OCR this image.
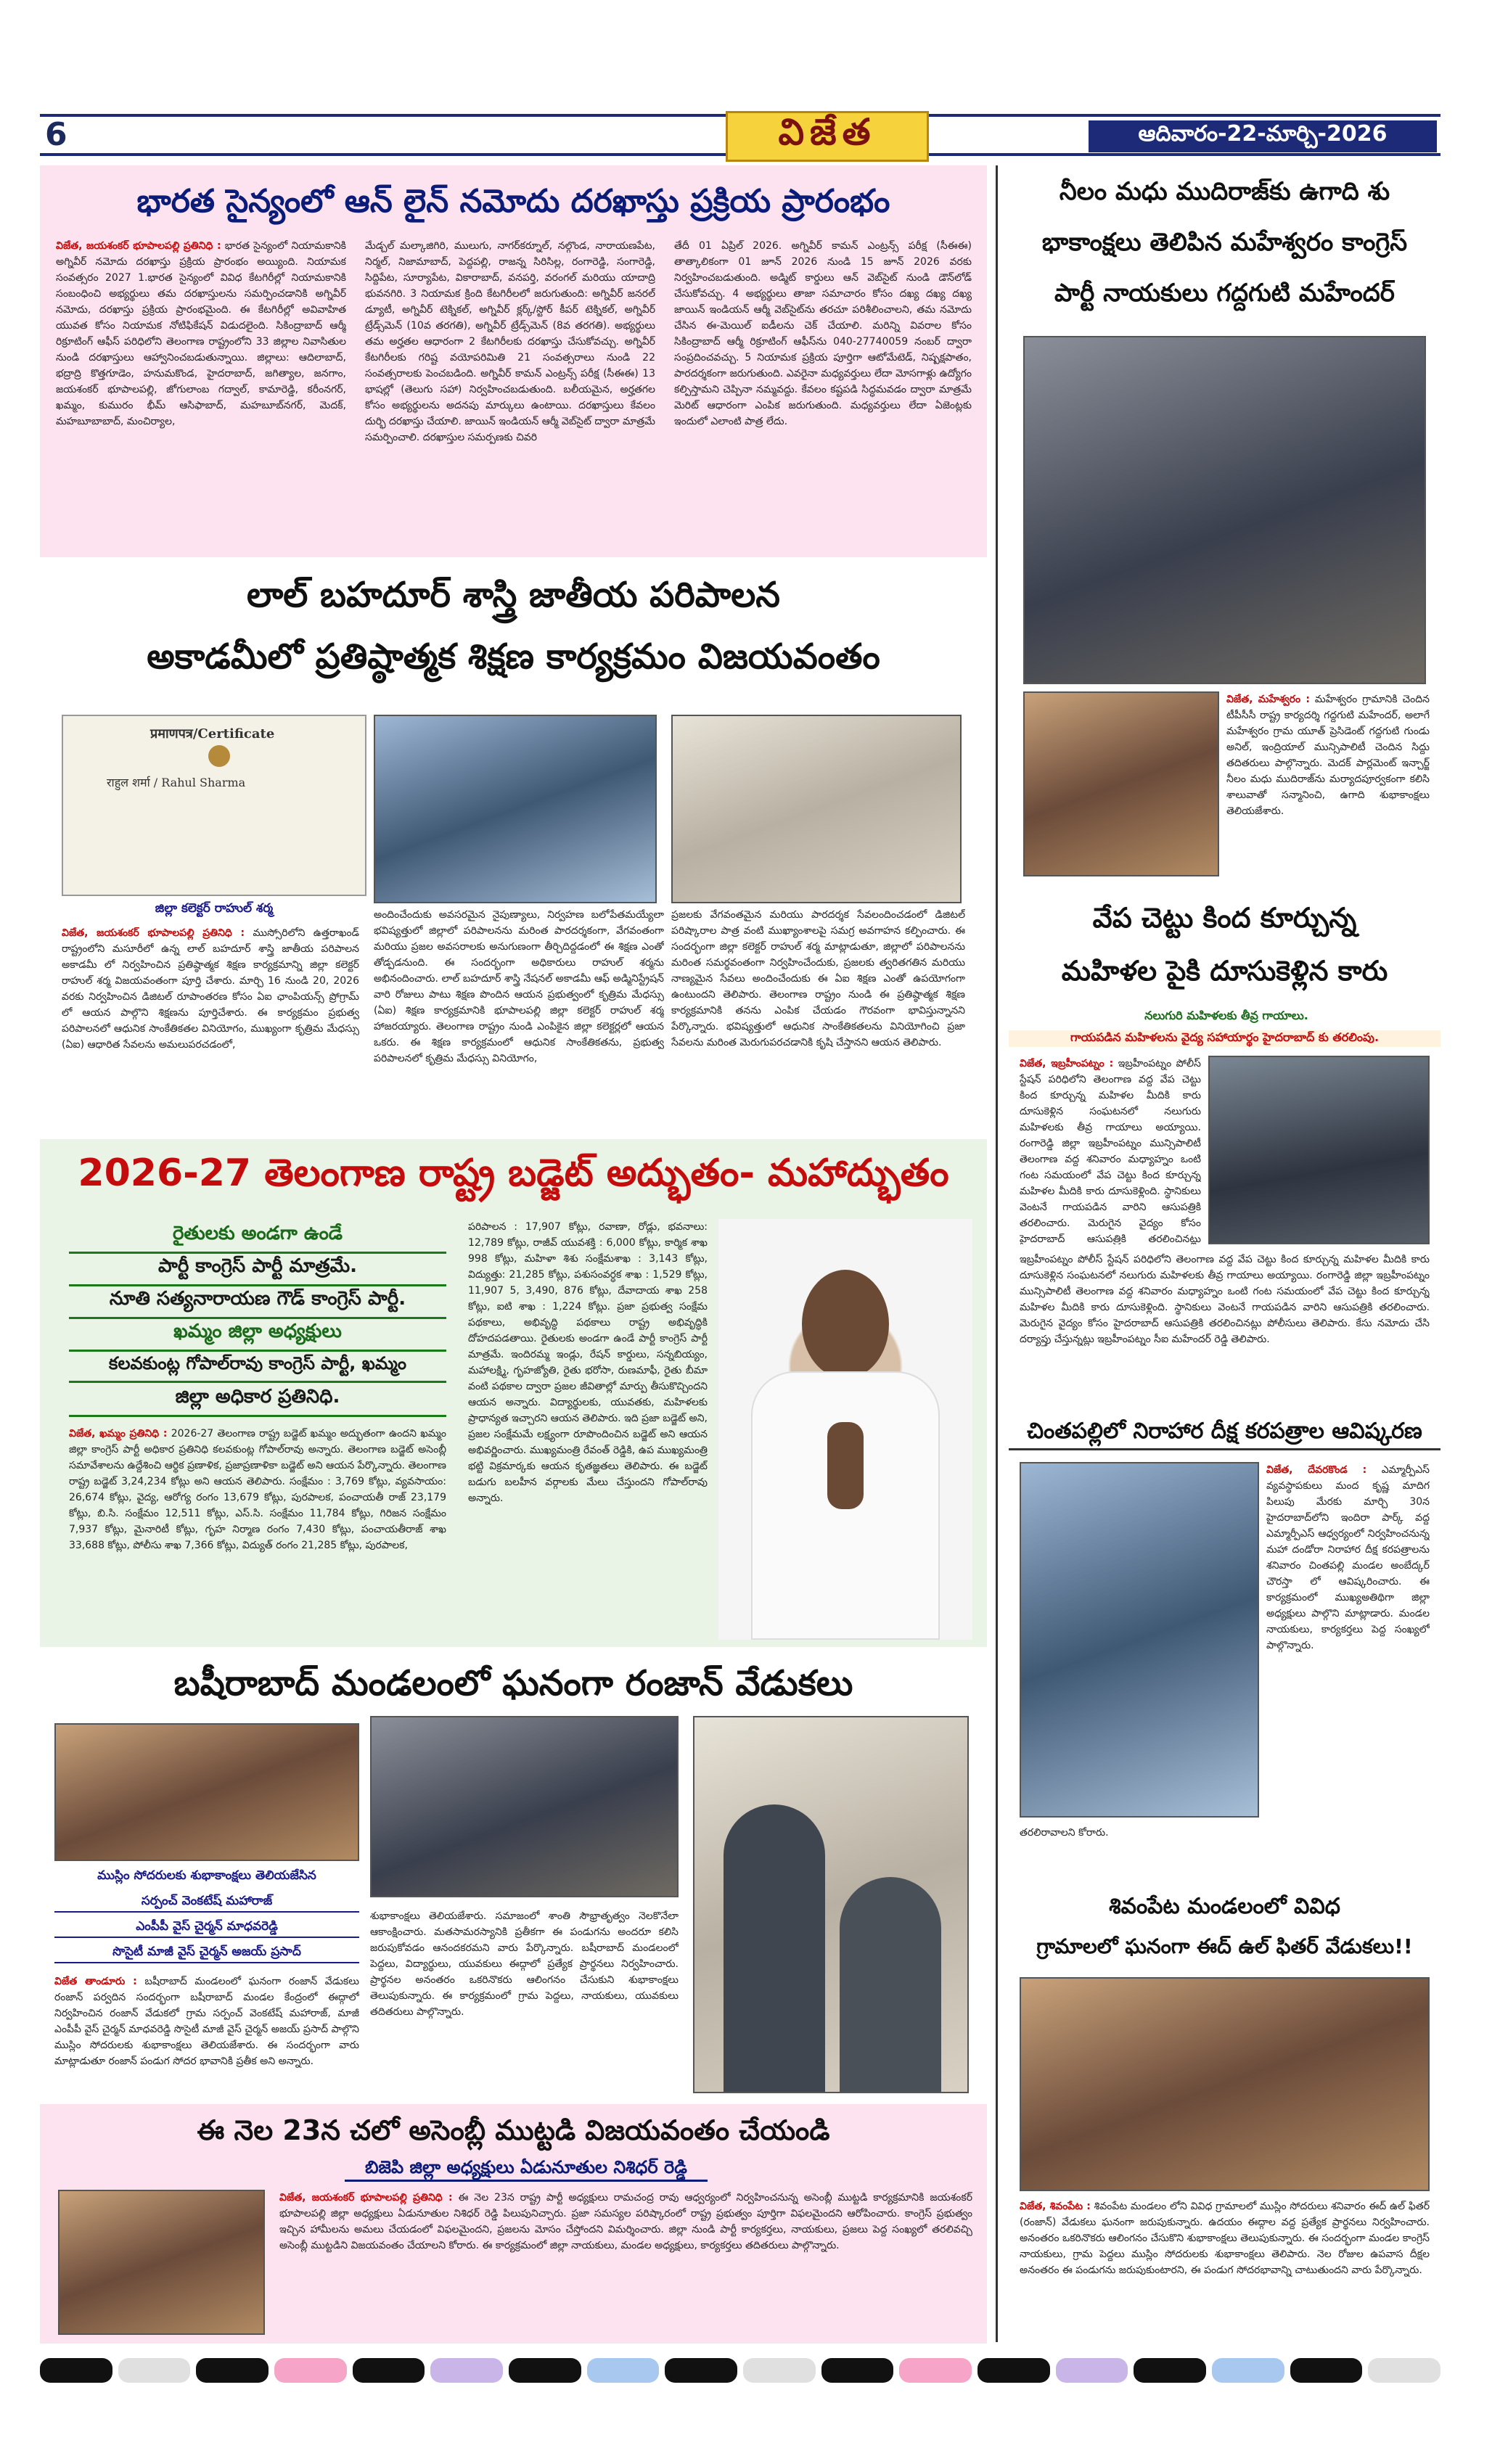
6	విజేత	ఆదివారం-22-మార్చి-2026
భారత సైన్యంలో ఆన్ లైన్ నమోదు దరఖాస్తు ప్రక్రియ ప్రారంభం
విజేత, జయశంకర్ భూపాలపల్లి ప్రతినిధి : భారత సైన్యంలో నియామకానికి అగ్నివీర్ నమోదు దరఖాస్తు ప్రక్రియ ప్రారంభం అయ్యింది. నియామక సంవత్సరం 2027 1.భారత సైన్యంలో వివిధ కేటగిరీల్లో నియామకానికి సంబంధించి అభ్యర్థులు తమ దరఖాస్తులను సమర్పించడానికి అగ్నివీర్ నమోదు, దరఖాస్తు ప్రక్రియ ప్రారంభమైంది. ఈ కేటగిరీల్లో అవివాహిత యువత కోసం నియామక నోటిఫికేషన్ విడుదలైంది. సికింద్రాబాద్ ఆర్మీ రిక్రూటింగ్ ఆఫీస్ పరిధిలోని తెలంగాణ రాష్ట్రంలోని 33 జిల్లాల నివాసితుల నుండి దరఖాస్తులు ఆహ్వానించబడుతున్నాయి. జిల్లాలు: ఆదిలాబాద్, భద్రాద్రి కొత్తగూడెం, హనుమకొండ, హైదరాబాద్, జగిత్యాల, జనగాం, జయశంకర్ భూపాలపల్లి, జోగులాంబ గద్వాల్, కామారెడ్డి, కరీంనగర్, ఖమ్మం, కుమురం భీమ్ ఆసిఫాబాద్, మహబూబ్‌నగర్, మెదక్, మహబూబాబాద్, మంచిర్యాల,
మేడ్చల్ మల్కాజిగిరి, ములుగు, నాగర్‌కర్నూల్, నల్గొండ, నారాయణపేట, నిర్మల్, నిజామాబాద్, పెద్దపల్లి, రాజన్న సిరిసిల్ల, రంగారెడ్డి, సంగారెడ్డి, సిద్దిపేట, సూర్యాపేట, వికారాబాద్, వనపర్తి, వరంగల్ మరియు యాదాద్రి భువనగిరి. 3 నియామక క్రింది కేటగిరీలలో జరుగుతుంది: అగ్నివీర్ జనరల్ డ్యూటీ, అగ్నివీర్ టెక్నికల్, అగ్నివీర్ క్లర్క్/స్టోర్ కీపర్ టెక్నికల్, అగ్నివీర్ ట్రేడ్స్‌మెన్ (10వ తరగతి), అగ్నివీర్ ట్రేడ్స్‌మెన్ (8వ తరగతి). అభ్యర్థులు తమ అర్హతల ఆధారంగా 2 కేటగిరీలకు దరఖాస్తు చేసుకోవచ్చు. అగ్నివీర్ కేటగిరీలకు గరిష్ట వయోపరిమితి 21 సంవత్సరాలు నుండి 22 సంవత్సరాలకు పెంచబడింది. అగ్నివీర్ కామన్ ఎంట్రన్స్ పరీక్ష (సీఈఈ) 13 భాషల్లో (తెలుగు సహా) నిర్వహించబడుతుంది. బలీయమైన, అర్హతగల కోసం అభ్యర్థులను అదనపు మార్కులు ఉంటాయి. దరఖాస్తులు కేవలం దుర్భి దరఖాస్తు చేయాలి. జాయిన్ ఇండియన్ ఆర్మీ వెబ్‌సైట్ ద్వారా మాత్రమే సమర్పించాలి. దరఖాస్తుల సమర్పణకు చివరి
తేదీ 01 ఏప్రిల్ 2026. అగ్నివీర్ కామన్ ఎంట్రన్స్ పరీక్ష (సీఈఈ) తాత్కాలికంగా 01 జూన్ 2026 నుండి 15 జూన్ 2026 వరకు నిర్వహించబడుతుంది. అడ్మిట్ కార్డులు ఆన్ వెబ్‌సైట్ నుండి డౌన్‌లోడ్ చేసుకోవచ్చు. 4 అభ్యర్థులు తాజా సమాచారం కోసం దఖ్య దఖ్య దఖ్య జాయిన్ ఇండియన్ ఆర్మీ వెబ్‌సైట్‌ను తరచూ పరిశీలించాలని, తమ నమోదు చేసిన ఈ-మెయిల్ ఐడీలను చెక్ చేయాలి. మరిన్ని వివరాల కోసం సికింద్రాబాద్ ఆర్మీ రిక్రూటింగ్ ఆఫీస్‌ను 040-27740059 నంబర్ ద్వారా సంప్రదించవచ్చు. 5 నియామక ప్రక్రియ పూర్తిగా ఆటోమేటెడ్, నిష్పక్షపాతం, పారదర్శకంగా జరుగుతుంది. ఎవరైనా మధ్యవర్తులు లేదా మోసగాళ్లు ఉద్యోగం కల్పిస్తామని చెప్పినా నమ్మవద్దు. కేవలం కష్టపడి సిద్ధమవడం ద్వారా మాత్రమే మెరిట్ ఆధారంగా ఎంపిక జరుగుతుంది. మధ్యవర్తులు లేదా ఏజెంట్లకు ఇందులో ఎలాంటి పాత్ర లేదు.
లాల్ బహదూర్ శాస్త్రి జాతీయ పరిపాలన
అకాడమీలో ప్రతిష్ఠాత్మక శిక్షణ కార్యక్రమం విజయవంతం
प्रमाणपत्र/Certificate
राहुल शर्मा / Rahul Sharma
జిల్లా కలెక్టర్ రాహుల్ శర్మ
విజేత, జయశంకర్ భూపాలపల్లి ప్రతినిధి : ముస్సోరిలోని ఉత్తరాఖండ్ రాష్ట్రంలోని మసూరీలో ఉన్న లాల్ బహదూర్ శాస్త్రి జాతీయ పరిపాలన అకాడమీ లో నిర్వహించిన ప్రతిష్ఠాత్మక శిక్షణ కార్యక్రమాన్ని జిల్లా కలెక్టర్ రాహుల్ శర్మ విజయవంతంగా పూర్తి చేశారు. మార్చి 16 నుండి 20, 2026 వరకు నిర్వహించిన డిజిటల్ రూపాంతరణ కోసం ఏఐ ఛాంపియన్స్ ప్రోగ్రామ్ లో ఆయన పాల్గొని శిక్షణను పూర్తిచేశారు. ఈ కార్యక్రమం ప్రభుత్వ పరిపాలనలో ఆధునిక సాంకేతికతల వినియోగం, ముఖ్యంగా కృత్రిమ మేధస్సు (ఏఐ) ఆధారిత సేవలను అమలుపరచడంలో,
అందించేందుకు అవసరమైన నైపుణ్యాలు, నిర్వహణ బలోపేతమయ్యేలా భవిష్యత్తులో జిల్లాలో పరిపాలనను మరింత పారదర్శకంగా, వేగవంతంగా మరియు ప్రజల అవసరాలకు అనుగుణంగా తీర్చిదిద్దడంలో ఈ శిక్షణ ఎంతో తోడ్పడనుంది. ఈ సందర్భంగా అధికారులు రాహుల్ శర్మను అభినందించారు. లాల్ బహదూర్ శాస్త్రి నేషనల్ అకాడమీ ఆఫ్ అడ్మినిస్ట్రేషన్ వారి రోజులు పాటు శిక్షణ పొందిన ఆయన ప్రభుత్వంలో కృత్రిమ మేధస్సు (ఏఐ) శిక్షణ కార్యక్రమానికి భూపాలపల్లి జిల్లా కలెక్టర్ రాహుల్ శర్మ హాజరయ్యారు. తెలంగాణ రాష్ట్రం నుండి ఎంపికైన జిల్లా కలెక్టర్లలో ఆయన ఒకరు. ఈ శిక్షణ కార్యక్రమంలో ఆధునిక సాంకేతికతను, ప్రభుత్వ పరిపాలనలో కృత్రిమ మేధస్సు వినియోగం,
ప్రజలకు వేగవంతమైన మరియు పారదర్శక సేవలందించడంలో డిజిటల్ పరిష్కారాల పాత్ర వంటి ముఖ్యాంశాలపై సమగ్ర అవగాహన కల్పించారు. ఈ సందర్భంగా జిల్లా కలెక్టర్ రాహుల్ శర్మ మాట్లాడుతూ, జిల్లాలో పరిపాలనను మరింత సమర్థవంతంగా నిర్వహించేందుకు, ప్రజలకు త్వరితగతిన మరియు నాణ్యమైన సేవలు అందించేందుకు ఈ ఏఐ శిక్షణ ఎంతో ఉపయోగంగా ఉంటుందని తెలిపారు. తెలంగాణ రాష్ట్రం నుండి ఈ ప్రతిష్ఠాత్మక శిక్షణ కార్యక్రమానికి తనను ఎంపిక చేయడం గౌరవంగా భావిస్తున్నానని పేర్కొన్నారు. భవిష్యత్తులో ఆధునిక సాంకేతికతలను వినియోగించి ప్రజా సేవలను మరింత మెరుగుపరచడానికి కృషి చేస్తానని ఆయన తెలిపారు.
2026-27 తెలంగాణ రాష్ట్ర బడ్జెట్ అద్భుతం- మహాద్భుతం
రైతులకు అండగా ఉండే
పార్టీ కాంగ్రెస్ పార్టీ మాత్రమే.
నూతి సత్యనారాయణ గౌడ్ కాంగ్రెస్ పార్టీ.
ఖమ్మం జిల్లా అధ్యక్షులు
కలవకుంట్ల గోపాల్‌రావు కాంగ్రెస్ పార్టీ, ఖమ్మం
జిల్లా అధికార ప్రతినిధి.
విజేత, ఖమ్మం ప్రతినిధి : 2026-27 తెలంగాణ రాష్ట్ర బడ్జెట్ ఖమ్మం అద్భుతంగా ఉందని ఖమ్మం జిల్లా కాంగ్రెస్ పార్టీ అధికార ప్రతినిధి కలవకుంట్ల గోపాల్‌రావు అన్నారు. తెలంగాణ బడ్జెట్ అసెంబ్లీ సమావేశాలను ఉద్దేశించి ఆర్థిక ప్రణాళిక, ప్రజాప్రణాళికా బడ్జెట్ అని ఆయన పేర్కొన్నారు. తెలంగాణ రాష్ట్ర బడ్జెట్ 3,24,234 కోట్లు అని ఆయన తెలిపారు. సంక్షేమం : 3,769 కోట్లు, వ్యవసాయం: 26,674 కోట్లు, వైద్య, ఆరోగ్య రంగం 13,679 కోట్లు, పురపాలక, పంచాయతీ రాజ్ 23,179 కోట్లు, బి.సి. సంక్షేమం 12,511 కోట్లు, ఎస్.సి. సంక్షేమం 11,784 కోట్లు, గిరిజన సంక్షేమం 7,937 కోట్లు, మైనారిటీ కోట్లు, గృహ నిర్మాణ రంగం 7,430 కోట్లు, పంచాయతీరాజ్ శాఖ 33,688 కోట్లు, పోలీసు శాఖ 7,366 కోట్లు, విద్యుత్ రంగం 21,285 కోట్లు, పురపాలక,
పరిపాలన : 17,907 కోట్లు, రవాణా, రోడ్లు, భవనాలు: 12,789 కోట్లు, రాజీవ్ యువశక్తి : 6,000 కోట్లు, కార్మిక శాఖ 998 కోట్లు, మహిళా శిశు సంక్షేమశాఖ : 3,143 కోట్లు, విద్యుత్తు: 21,285 కోట్లు, పశుసంవర్ధక శాఖ : 1,529 కోట్లు, 11,907 5, 3,490, 876 కోట్లు, దేవాదాయ శాఖ 258 కోట్లు, ఐటి శాఖ : 1,224 కోట్లు. ప్రజా ప్రభుత్వ సంక్షేమ పథకాలు, అభివృద్ధి పథకాలు రాష్ట్ర అభివృద్ధికి దోహదపడతాయి. రైతులకు అండగా ఉండే పార్టీ కాంగ్రెస్ పార్టీ మాత్రమే. ఇందిరమ్మ ఇండ్లు, రేషన్ కార్డులు, సన్నబియ్యం, మహాలక్ష్మి, గృహజ్యోతి, రైతు భరోసా, రుణమాఫీ, రైతు బీమా వంటి పథకాల ద్వారా ప్రజల జీవితాల్లో మార్పు తీసుకొచ్చిందని ఆయన అన్నారు. విద్యార్థులకు, యువతకు, మహిళలకు ప్రాధాన్యత ఇచ్చారని ఆయన తెలిపారు. ఇది ప్రజా బడ్జెట్ అని, ప్రజల సంక్షేమమే లక్ష్యంగా రూపొందించిన బడ్జెట్ అని ఆయన అభివర్ణించారు. ముఖ్యమంత్రి రేవంత్ రెడ్డికి, ఉప ముఖ్యమంత్రి భట్టి విక్రమార్కకు ఆయన కృతజ్ఞతలు తెలిపారు. ఈ బడ్జెట్ బడుగు బలహీన వర్గాలకు మేలు చేస్తుందని గోపాల్‌రావు అన్నారు.
బషీరాబాద్ మండలంలో ఘనంగా రంజాన్ వేడుకలు
ముస్లిం సోదరులకు శుభాకాంక్షలు తెలియజేసిన
సర్పంచ్ వెంకటేష్ మహారాజ్
ఎంపీపీ వైస్ చైర్మన్ మాధవరెడ్డి
సొసైటీ మాజీ వైస్ చైర్మన్ అజయ్ ప్రసాద్
విజేత తాండూరు : బషీరాబాద్ మండలంలో ఘనంగా రంజాన్ వేడుకలు రంజాన్ పర్వదిన సందర్భంగా బషీరాబాద్ మండల కేంద్రంలో ఈద్గాలో నిర్వహించిన రంజాన్ వేడుకలో గ్రామ సర్పంచ్ వెంకటేష్ మహారాజ్, మాజీ ఎంపీపీ వైస్ చైర్మన్ మాధవరెడ్డి సొసైటీ మాజీ వైస్ చైర్మన్ అజయ్ ప్రసాద్ పాల్గొని ముస్లిం సోదరులకు శుభాకాంక్షలు తెలియజేశారు. ఈ సందర్భంగా వారు మాట్లాడుతూ రంజాన్ పండుగ సోదర భావానికి ప్రతీక అని అన్నారు.
శుభాకాంక్షలు తెలియజేశారు. సమాజంలో శాంతి సౌభ్రాతృత్వం నెలకొనేలా ఆకాంక్షించారు. మతసామరస్యానికి ప్రతీకగా ఈ పండుగను అందరూ కలిసి జరుపుకోవడం ఆనందకరమని వారు పేర్కొన్నారు. బషీరాబాద్ మండలంలో పెద్దలు, విద్యార్థులు, యువకులు ఈద్గాలో ప్రత్యేక ప్రార్థనలు నిర్వహించారు. ప్రార్థనల అనంతరం ఒకరినొకరు ఆలింగనం చేసుకుని శుభాకాంక్షలు తెలుపుకున్నారు. ఈ కార్యక్రమంలో గ్రామ పెద్దలు, నాయకులు, యువకులు తదితరులు పాల్గొన్నారు.
ఈ నెల 23న చలో అసెంబ్లీ ముట్టడి విజయవంతం చేయండి
బిజెపి జిల్లా అధ్యక్షులు ఏడునూతుల నిశిధర్ రెడ్డి
విజేత, జయశంకర్ భూపాలపల్లి ప్రతినిధి : ఈ నెల 23న రాష్ట్ర పార్టీ అధ్యక్షులు రామచంద్ర రావు ఆధ్వర్యంలో నిర్వహించనున్న అసెంబ్లీ ముట్టడి కార్యక్రమానికి జయశంకర్ భూపాలపల్లి జిల్లా అధ్యక్షులు ఏడునూతుల నిశిధర్ రెడ్డి పిలుపునిచ్చారు. ప్రజా సమస్యల పరిష్కారంలో రాష్ట్ర ప్రభుత్వం పూర్తిగా విఫలమైందని ఆరోపించారు. కాంగ్రెస్ ప్రభుత్వం ఇచ్చిన హామీలను అమలు చేయడంలో విఫలమైందని, ప్రజలను మోసం చేస్తోందని విమర్శించారు. జిల్లా నుండి పార్టీ కార్యకర్తలు, నాయకులు, ప్రజలు పెద్ద సంఖ్యలో తరలివచ్చి అసెంబ్లీ ముట్టడిని విజయవంతం చేయాలని కోరారు. ఈ కార్యక్రమంలో జిల్లా నాయకులు, మండల అధ్యక్షులు, కార్యకర్తలు తదితరులు పాల్గొన్నారు.
నీలం మధు ముదిరాజ్‌కు ఉగాది శు
భాకాంక్షలు తెలిపిన మహేశ్వరం కాంగ్రెస్
పార్టీ నాయకులు గద్దగుటి మహేందర్
విజేత, మహేశ్వరం : మహేశ్వరం గ్రామానికి చెందిన టీపీసీసీ రాష్ట్ర కార్యదర్శి గద్దగుటి మహేందర్, అలాగే మహేశ్వరం గ్రామ యూత్ ప్రెసిడెంట్ గద్దగుటి గుండు అనిల్, ఇంద్రియాల్ మున్సిపాలిటీ చెందిన సిద్దు తదితరులు పాల్గొన్నారు. మెదక్ పార్లమెంట్ ఇన్చార్జ్ నీలం మధు ముదిరాజ్‌ను మర్యాదపూర్వకంగా కలిసి శాలువాతో సన్మానించి, ఉగాది శుభాకాంక్షలు తెలియజేశారు.
వేప చెట్టు కింద కూర్చున్న
మహిళల పైకి దూసుకెళ్లిన కారు
నలుగురి మహిళలకు తీవ్ర గాయాలు.
గాయపడిన మహిళలను వైద్య సహాయార్థం హైదరాబాద్ కు తరలింపు.
విజేత, ఇబ్రహీంపట్నం : ఇబ్రహీంపట్నం పోలీస్ స్టేషన్ పరిధిలోని తెలంగాణ వద్ద వేప చెట్టు కింద కూర్చున్న మహిళల మీదికి కారు దూసుకెళ్లిన సంఘటనలో నలుగురు మహిళలకు తీవ్ర గాయాలు అయ్యాయి. రంగారెడ్డి జిల్లా ఇబ్రహీంపట్నం మున్సిపాలిటీ తెలంగాణ వద్ద శనివారం మధ్యాహ్నం ఒంటి గంట సమయంలో వేప చెట్టు కింద కూర్చున్న మహిళల మీదికి కారు దూసుకెళ్లింది. స్థానికులు వెంటనే గాయపడిన వారిని ఆసుపత్రికి తరలించారు. మెరుగైన వైద్యం కోసం హైదరాబాద్ ఆసుపత్రికి తరలించినట్లు
ఇబ్రహీంపట్నం పోలీస్ స్టేషన్ పరిధిలోని తెలంగాణ వద్ద వేప చెట్టు కింద కూర్చున్న మహిళల మీదికి కారు దూసుకెళ్లిన సంఘటనలో నలుగురు మహిళలకు తీవ్ర గాయాలు అయ్యాయి. రంగారెడ్డి జిల్లా ఇబ్రహీంపట్నం మున్సిపాలిటీ తెలంగాణ వద్ద శనివారం మధ్యాహ్నం ఒంటి గంట సమయంలో వేప చెట్టు కింద కూర్చున్న మహిళల మీదికి కారు దూసుకెళ్లింది. స్థానికులు వెంటనే గాయపడిన వారిని ఆసుపత్రికి తరలించారు. మెరుగైన వైద్యం కోసం హైదరాబాద్ ఆసుపత్రికి తరలించినట్లు పోలీసులు తెలిపారు. కేసు నమోదు చేసి దర్యాప్తు చేస్తున్నట్లు ఇబ్రహీంపట్నం సీఐ మహేందర్ రెడ్డి తెలిపారు.
చింతపల్లిలో నిరాహార దీక్ష కరపత్రాల ఆవిష్కరణ
విజేత, దేవరకొండ : ఎమ్మార్పీఎస్ వ్యవస్థాపకులు మంద కృష్ణ మాదిగ పిలుపు మేరకు మార్చి 30న హైదరాబాద్‌లోని ఇందిరా పార్క్ వద్ద ఎమ్మార్పీఎస్ ఆధ్వర్యంలో నిర్వహించనున్న మహా దండోరా నిరాహార దీక్ష కరపత్రాలను శనివారం చింతపల్లి మండల అంబేద్కర్ చౌరస్తా లో ఆవిష్కరించారు. ఈ కార్యక్రమంలో ముఖ్యఅతిథిగా జిల్లా అధ్యక్షులు పాల్గొని మాట్లాడారు. మండల నాయకులు, కార్యకర్తలు పెద్ద సంఖ్యలో పాల్గొన్నారు.
తరలిరావాలని కోరారు.
శివంపేట మండలంలో వివిధ
గ్రామాలలో ఘనంగా ఈద్ ఉల్ ఫితర్ వేడుకలు!!
విజేత, శివంపేట : శివంపేట మండలం లోని వివిధ గ్రామాలలో ముస్లిం సోదరులు శనివారం ఈద్ ఉల్ ఫితర్ (రంజాన్) వేడుకలు ఘనంగా జరుపుకున్నారు. ఉదయం ఈద్గాల వద్ద ప్రత్యేక ప్రార్థనలు నిర్వహించారు. అనంతరం ఒకరినొకరు ఆలింగనం చేసుకొని శుభాకాంక్షలు తెలుపుకున్నారు. ఈ సందర్భంగా మండల కాంగ్రెస్ నాయకులు, గ్రామ పెద్దలు ముస్లిం సోదరులకు శుభాకాంక్షలు తెలిపారు. నెల రోజుల ఉపవాస దీక్షల అనంతరం ఈ పండుగను జరుపుకుంటారని, ఈ పండుగ సోదరభావాన్ని చాటుతుందని వారు పేర్కొన్నారు.
